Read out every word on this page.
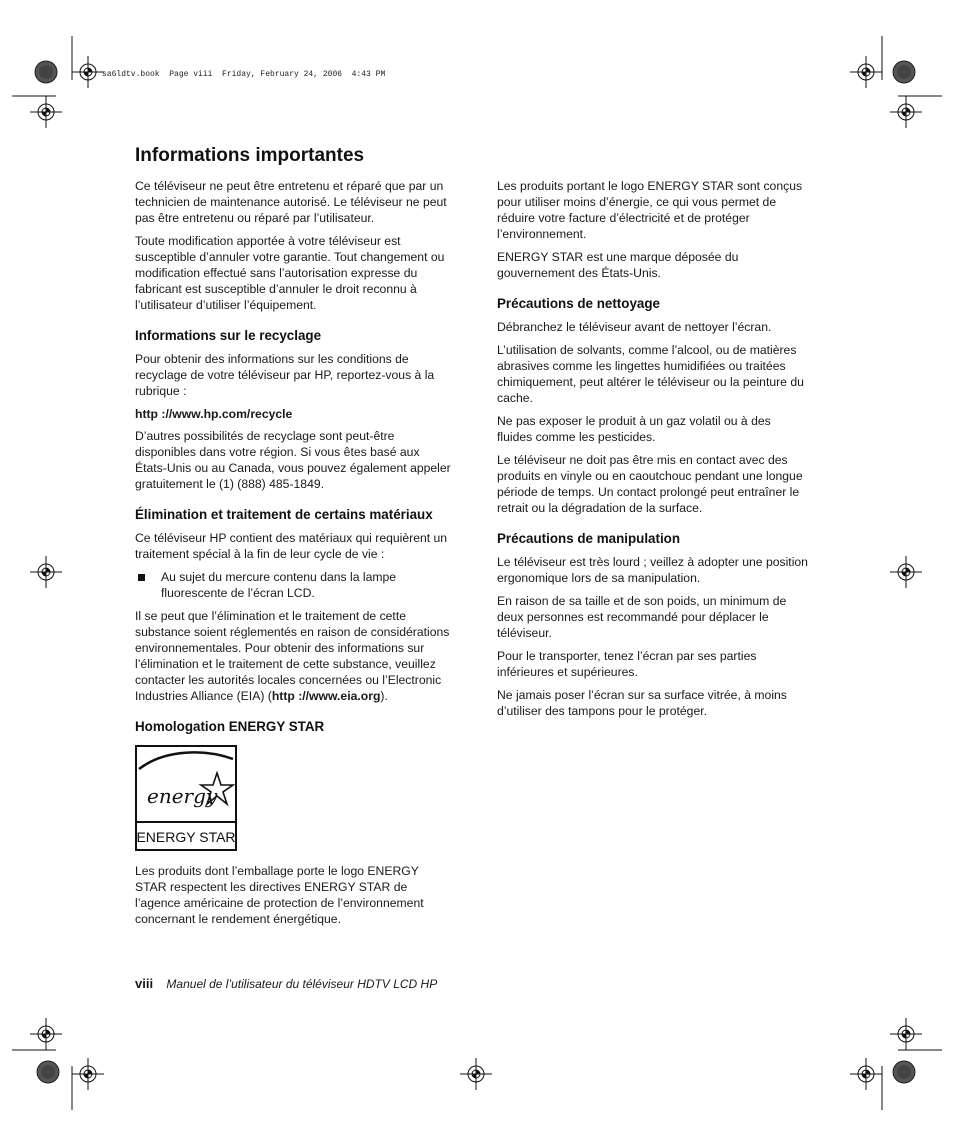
sa6ldtv.book  Page viii  Friday, February 24, 2006  4:43 PM
Informations importantes

Ce téléviseur ne peut être entretenu et réparé que par un technicien de maintenance autorisé. Le téléviseur ne peut pas être entretenu ou réparé par l’utilisateur.

Toute modification apportée à votre téléviseur est susceptible d’annuler votre garantie. Tout changement ou modification effectué sans l’autorisation expresse du fabricant est susceptible d’annuler le droit reconnu à l’utilisateur d’utiliser l’équipement.

Informations sur le recyclage

Pour obtenir des informations sur les conditions de recyclage de votre téléviseur par HP, reportez-vous à la rubrique :

http ://www.hp.com/recycle

D’autres possibilités de recyclage sont peut-être disponibles dans votre région. Si vous êtes basé aux États-Unis ou au Canada, vous pouvez également appeler gratuitement le (1) (888) 485-1849.

Élimination et traitement de certains matériaux

Ce téléviseur HP contient des matériaux qui requièrent un traitement spécial à la fin de leur cycle de vie :

Au sujet du mercure contenu dans la lampe fluorescente de l’écran LCD.

Il se peut que l’élimination et le traitement de cette substance soient réglementés en raison de considérations environnementales. Pour obtenir des informations sur l’élimination et le traitement de cette substance, veuillez contacter les autorités locales concernées ou l’Electronic Industries Alliance (EIA) (http ://www.eia.org).

Homologation ENERGY STAR
energy
ENERGY STAR

Les produits dont l’emballage porte le logo ENERGY STAR respectent les directives ENERGY STAR de l’agence américaine de protection de l’environnement concernant le rendement énergétique.

Les produits portant le logo ENERGY STAR sont conçus pour utiliser moins d’énergie, ce qui vous permet de réduire votre facture d’électricité et de protéger l’environnement.

ENERGY STAR est une marque déposée du gouvernement des États-Unis.

Précautions de nettoyage

Débranchez le téléviseur avant de nettoyer l’écran.

L’utilisation de solvants, comme l’alcool, ou de matières abrasives comme les lingettes humidifiées ou traitées chimiquement, peut altérer le téléviseur ou la peinture du cache.

Ne pas exposer le produit à un gaz volatil ou à des fluides comme les pesticides.

Le téléviseur ne doit pas être mis en contact avec des produits en vinyle ou en caoutchouc pendant une longue période de temps. Un contact prolongé peut entraîner le retrait ou la dégradation de la surface.

Précautions de manipulation

Le téléviseur est très lourd ; veillez à adopter une position ergonomique lors de sa manipulation.

En raison de sa taille et de son poids, un minimum de deux personnes est recommandé pour déplacer le téléviseur.

Pour le transporter, tenez l’écran par ses parties inférieures et supérieures.

Ne jamais poser l’écran sur sa surface vitrée, à moins d’utiliser des tampons pour le protéger.

viii Manuel de l’utilisateur du téléviseur HDTV LCD HP
